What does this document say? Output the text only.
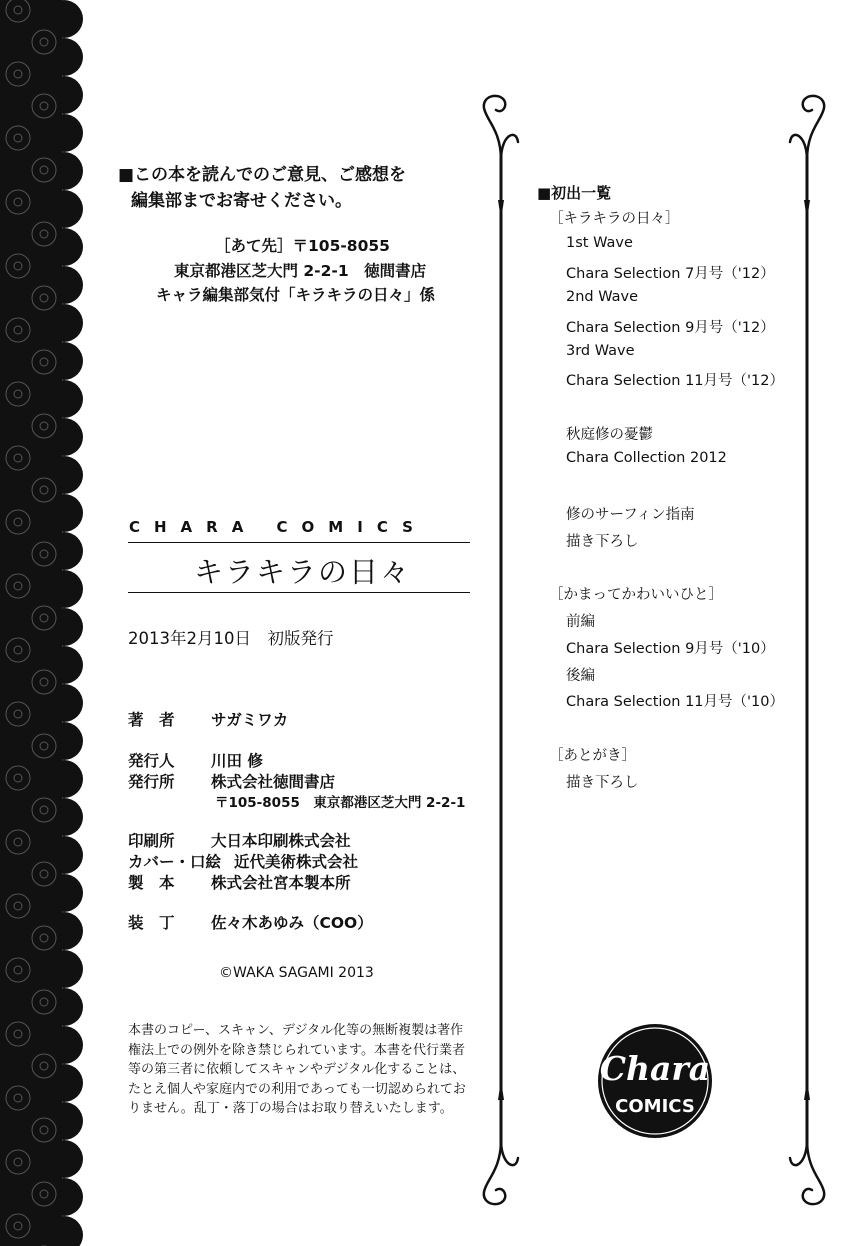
■この本を読んでのご意見、ご感想を
編集部までお寄せください。
［あて先］〒105-8055
東京都港区芝大門 2-2-1　徳間書店
キャラ編集部気付「キラキラの日々」係
CHARA COMICS
キラキラの日々
2013年2月10日　初版発行
著　者 サガミワカ
発行人 川田 修
発行所 株式会社徳間書店
〒105-8055　東京都港区芝大門 2-2-1
印刷所 大日本印刷株式会社
カバー・口絵 近代美術株式会社
製　本 株式会社宮本製本所
装　丁 佐々木あゆみ（COO）
©WAKA SAGAMI 2013
本書のコピー、スキャン、デジタル化等の無断複製は著作
権法上での例外を除き禁じられています。本書を代行業者
等の第三者に依頼してスキャンやデジタル化することは、
たとえ個人や家庭内での利用であっても一切認められてお
りません。乱丁・落丁の場合はお取り替えいたします。
■初出一覧
［キラキラの日々］
1st Wave
Chara Selection 7月号（'12）
2nd Wave
Chara Selection 9月号（'12）
3rd Wave
Chara Selection 11月号（'12）
秋庭修の憂鬱
Chara Collection 2012
修のサーフィン指南
描き下ろし
［かまってかわいいひと］
前編
Chara Selection 9月号（'10）
後編
Chara Selection 11月号（'10）
［あとがき］
描き下ろし
Chara
COMICS
